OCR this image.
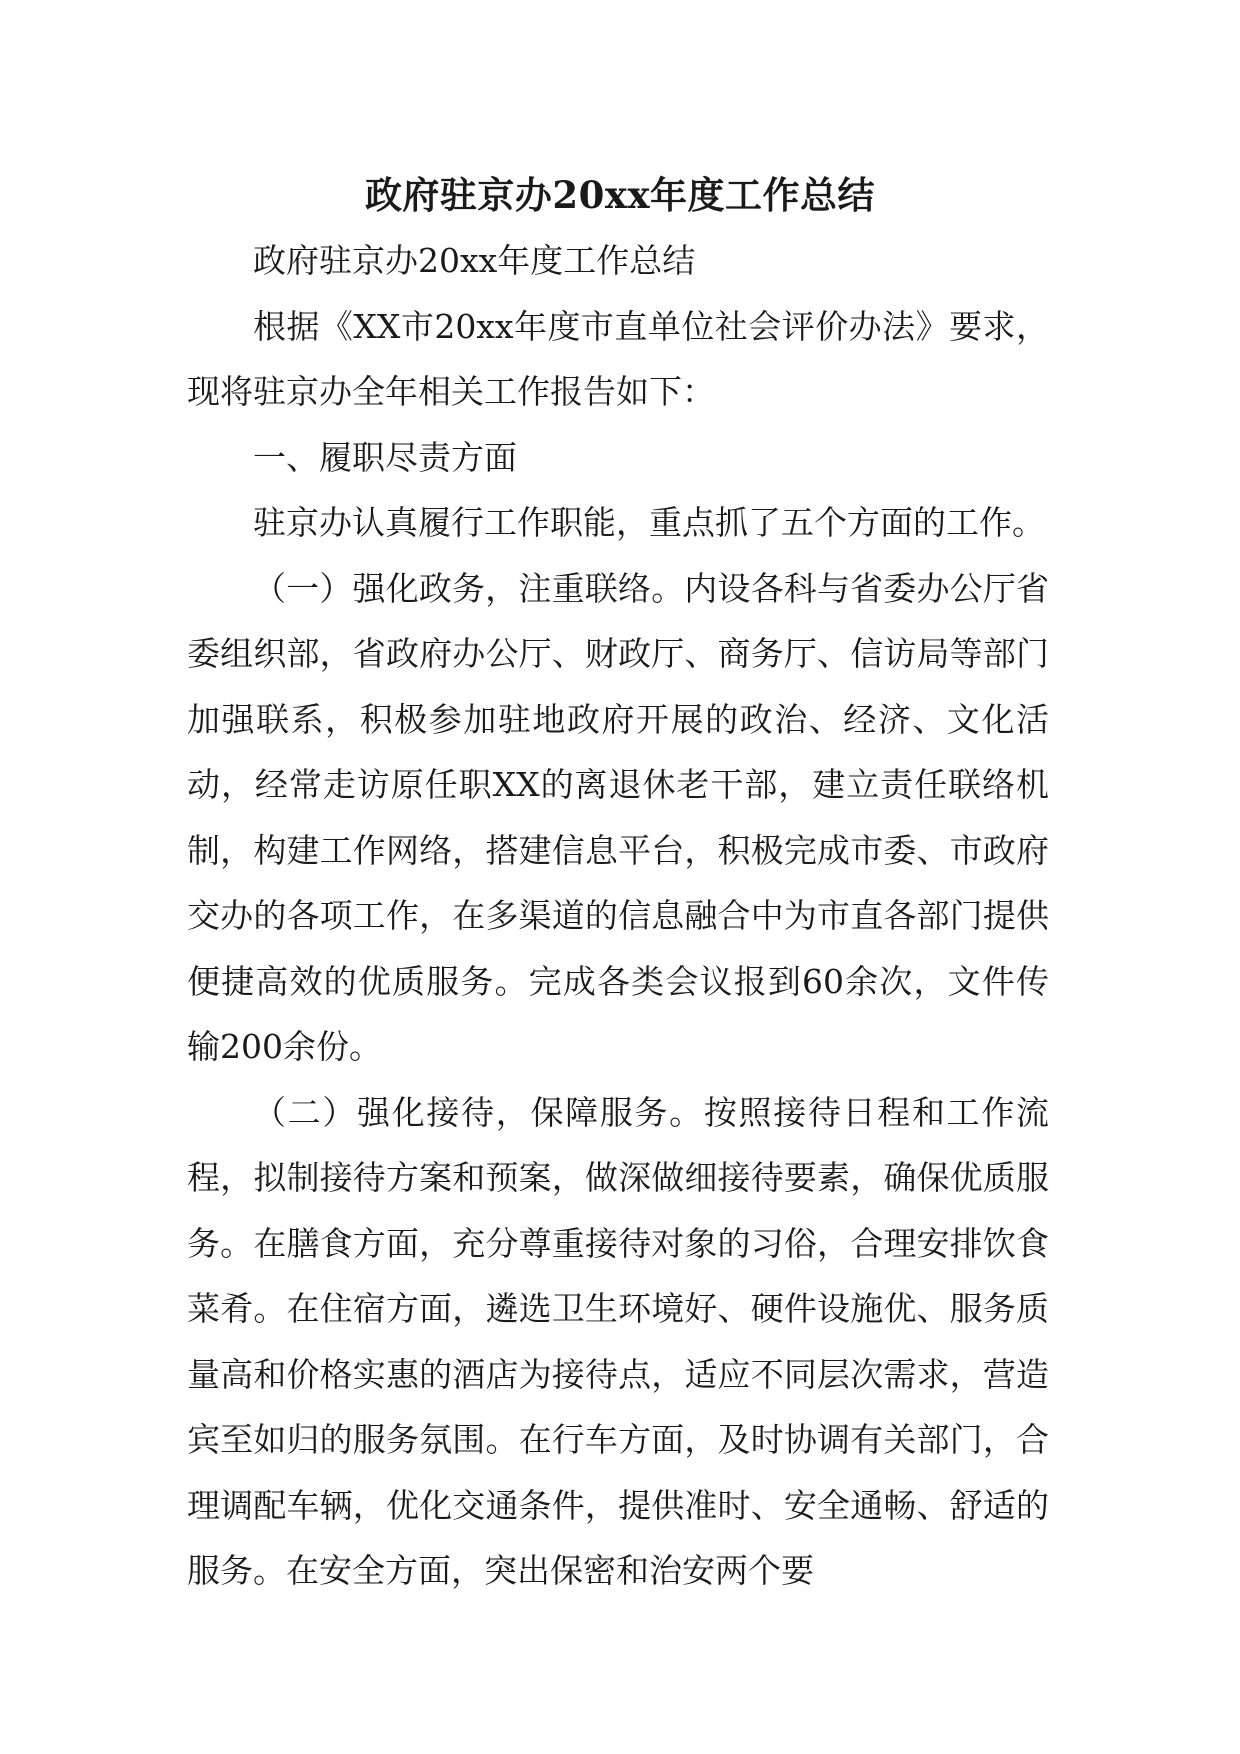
政府驻京办20xx年度工作总结

政府驻京办20xx年度工作总结

根据《XX市20xx年度市直单位社会评价办法》要求，现将驻京办全年相关工作报告如下：

一、履职尽责方面

驻京办认真履行工作职能，重点抓了五个方面的工作。

（一）强化政务，注重联络。内设各科与省委办公厅省委组织部，省政府办公厅、财政厅、商务厅、信访局等部门加强联系，积极参加驻地政府开展的政治、经济、文化活动，经常走访原任职XX的离退休老干部，建立责任联络机制，构建工作网络，搭建信息平台，积极完成市委、市政府交办的各项工作，在多渠道的信息融合中为市直各部门提供便捷高效的优质服务。完成各类会议报到60余次，文件传输200余份。

（二）强化接待，保障服务。按照接待日程和工作流程，拟制接待方案和预案，做深做细接待要素，确保优质服务。在膳食方面，充分尊重接待对象的习俗，合理安排饮食菜肴。在住宿方面，遴选卫生环境好、硬件设施优、服务质量高和价格实惠的酒店为接待点，适应不同层次需求，营造宾至如归的服务氛围。在行车方面，及时协调有关部门，合理调配车辆，优化交通条件，提供准时、安全通畅、舒适的服务。在安全方面，突出保密和治安两个要
